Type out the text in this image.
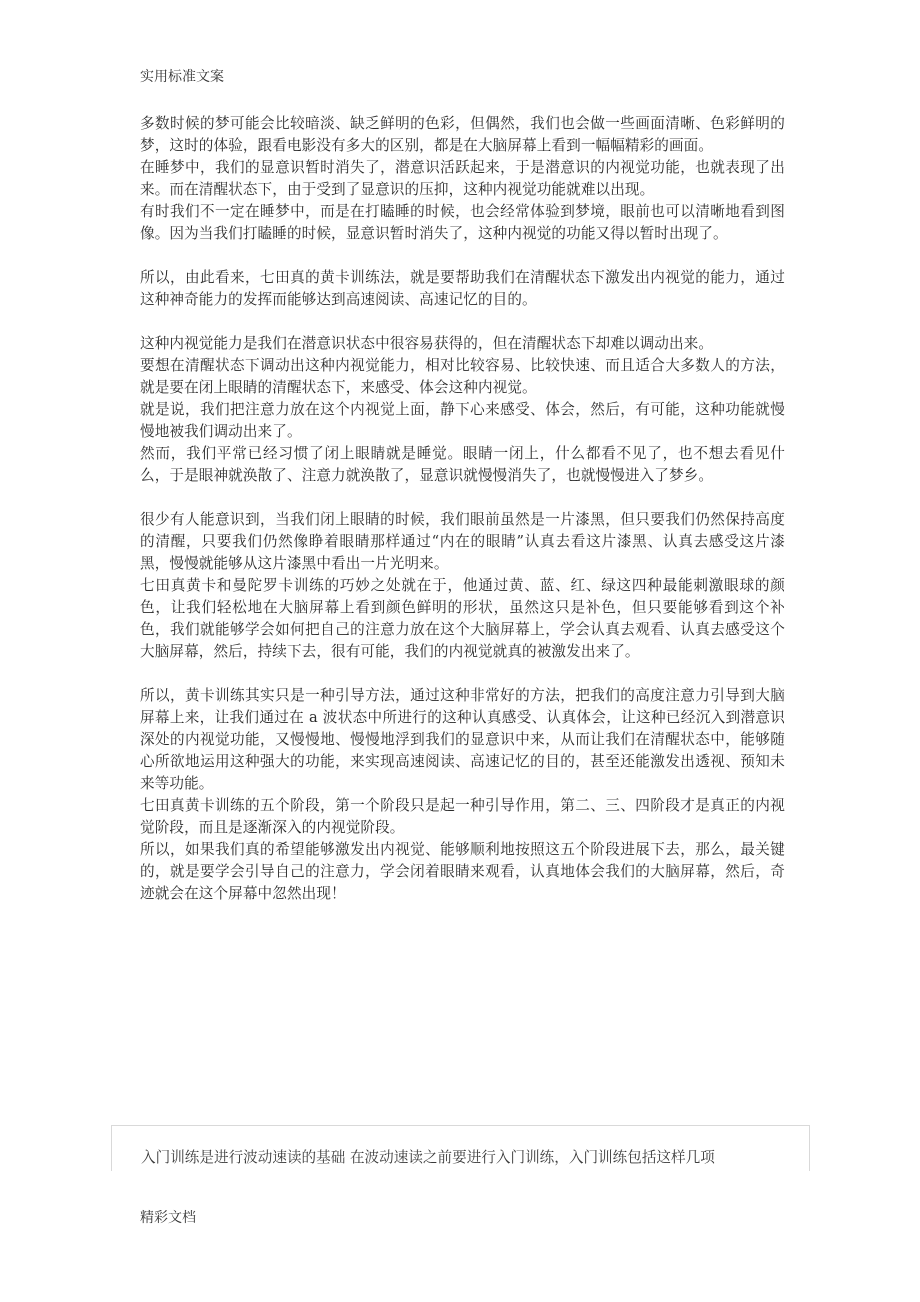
实用标准文案

多数时候的梦可能会比较暗淡、缺乏鲜明的色彩，但偶然，我们也会做一些画面清晰、色彩鲜明的梦，这时的体验，跟看电影没有多大的区别，都是在大脑屏幕上看到一幅幅精彩的画面。

在睡梦中，我们的显意识暂时消失了，潜意识活跃起来，于是潜意识的内视觉功能，也就表现了出来。而在清醒状态下，由于受到了显意识的压抑，这种内视觉功能就难以出现。

有时我们不一定在睡梦中，而是在打瞌睡的时候，也会经常体验到梦境，眼前也可以清晰地看到图像。因为当我们打瞌睡的时候，显意识暂时消失了，这种内视觉的功能又得以暂时出现了。

所以，由此看来，七田真的黄卡训练法，就是要帮助我们在清醒状态下激发出内视觉的能力，通过这种神奇能力的发挥而能够达到高速阅读、高速记忆的目的。

这种内视觉能力是我们在潜意识状态中很容易获得的，但在清醒状态下却难以调动出来。

要想在清醒状态下调动出这种内视觉能力，相对比较容易、比较快速、而且适合大多数人的方法，就是要在闭上眼睛的清醒状态下，来感受、体会这种内视觉。

就是说，我们把注意力放在这个内视觉上面，静下心来感受、体会，然后，有可能，这种功能就慢慢地被我们调动出来了。

然而，我们平常已经习惯了闭上眼睛就是睡觉。眼睛一闭上，什么都看不见了，也不想去看见什么，于是眼神就涣散了、注意力就涣散了，显意识就慢慢消失了，也就慢慢进入了梦乡。

很少有人能意识到，当我们闭上眼睛的时候，我们眼前虽然是一片漆黑，但只要我们仍然保持高度的清醒，只要我们仍然像睁着眼睛那样通过“内在的眼睛”认真去看这片漆黑、认真去感受这片漆黑，慢慢就能够从这片漆黑中看出一片光明来。

七田真黄卡和曼陀罗卡训练的巧妙之处就在于，他通过黄、蓝、红、绿这四种最能刺激眼球的颜色，让我们轻松地在大脑屏幕上看到颜色鲜明的形状，虽然这只是补色，但只要能够看到这个补色，我们就能够学会如何把自己的注意力放在这个大脑屏幕上，学会认真去观看、认真去感受这个大脑屏幕，然后，持续下去，很有可能，我们的内视觉就真的被激发出来了。

所以，黄卡训练其实只是一种引导方法，通过这种非常好的方法，把我们的高度注意力引导到大脑屏幕上来，让我们通过在 a 波状态中所进行的这种认真感受、认真体会，让这种已经沉入到潜意识深处的内视觉功能，又慢慢地、慢慢地浮到我们的显意识中来，从而让我们在清醒状态中，能够随心所欲地运用这种强大的功能，来实现高速阅读、高速记忆的目的，甚至还能激发出透视、预知未来等功能。

七田真黄卡训练的五个阶段，第一个阶段只是起一种引导作用，第二、三、四阶段才是真正的内视觉阶段，而且是逐渐深入的内视觉阶段。

所以，如果我们真的希望能够激发出内视觉、能够顺利地按照这五个阶段进展下去，那么，最关键的，就是要学会引导自己的注意力，学会闭着眼睛来观看，认真地体会我们的大脑屏幕，然后，奇迹就会在这个屏幕中忽然出现！

入门训练是进行波动速读的基础 在波动速读之前要进行入门训练，入门训练包括这样几项
精彩文档
